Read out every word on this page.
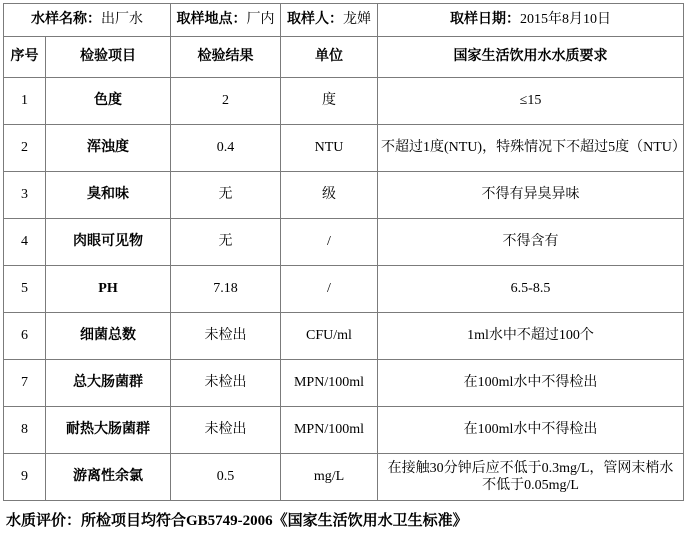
水样名称：出厂水		取样地点：厂内	取样人：龙婵	取样日期：2015年8月10日
序号	检验项目	检验结果	单位	国家生活饮用水水质要求
1	色度	2	度	≤15
2	浑浊度	0.4	NTU	不超过1度(NTU)，特殊情况下不超过5度（NTU）
3	臭和味	无	级	不得有异臭异味
4	肉眼可见物	无	/	不得含有
5	PH	7.18	/	6.5-8.5
6	细菌总数	未检出	CFU/ml	1ml水中不超过100个
7	总大肠菌群	未检出	MPN/100ml	在100ml水中不得检出
8	耐热大肠菌群	未检出	MPN/100ml	在100ml水中不得检出
9	游离性余氯	0.5	mg/L	在接触30分钟后应不低于0.3mg/L，管网末梢水不低于0.05mg/L
水质评价：所检项目均符合GB5749-2006《国家生活饮用水卫生标准》
